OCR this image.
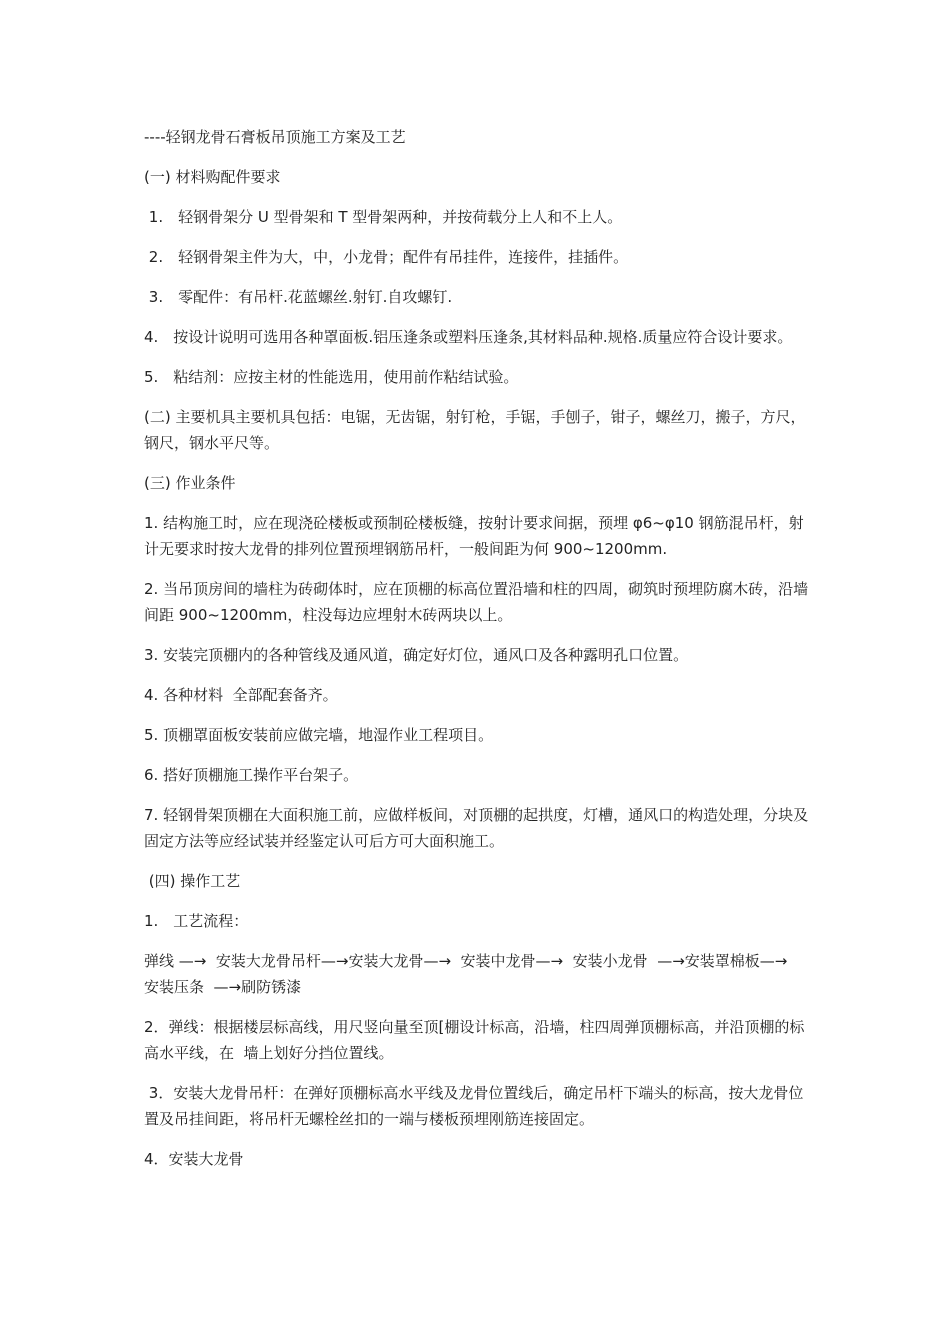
----轻钢龙骨石膏板吊顶施工方案及工艺

(一) 材料购配件要求

1.　轻钢骨架分 U 型骨架和 T 型骨架两种，并按荷载分上人和不上人。

2.　轻钢骨架主件为大，中，小龙骨；配件有吊挂件，连接件，挂插件。

3.　零配件：有吊杆.花蓝螺丝.射钉.自攻螺钉.

4.　按设计说明可选用各种罩面板.铝压逢条或塑料压逢条,其材料品种.规格.质量应符合设计要求。

5.　粘结剂：应按主材的性能选用，使用前作粘结试验。

(二) 主要机具主要机具包括：电锯，无齿锯，射钉枪，手锯，手刨子，钳子，螺丝刀，搬子，方尺，钢尺，钢水平尺等。

(三) 作业条件

1. 结构施工时，应在现浇砼楼板或预制砼楼板缝，按射计要求间据，预埋 φ6~φ10 钢筋混吊杆，射计无要求时按大龙骨的排列位置预埋钢筋吊杆，一般间距为何 900~1200mm.

2. 当吊顶房间的墙柱为砖砌体时，应在顶棚的标高位置沿墙和柱的四周，砌筑时预埋防腐木砖，沿墙间距 900~1200mm，柱没每边应埋射木砖两块以上。

3. 安装完顶棚内的各种管线及通风道，确定好灯位，通风口及各种露明孔口位置。

4. 各种材料  全部配套备齐。

5. 顶棚罩面板安装前应做完墙，地湿作业工程项目。

6. 搭好顶棚施工操作平台架子。

7. 轻钢骨架顶棚在大面积施工前，应做样板间，对顶棚的起拱度，灯槽，通风口的构造处理，分块及固定方法等应经试装并经鉴定认可后方可大面积施工。

(四) 操作工艺

1.　工艺流程：

弹线 —→  安装大龙骨吊杆—→安装大龙骨—→  安装中龙骨—→  安装小龙骨  —→安装罩棉板—→  安装压条  —→刷防锈漆

2．弹线：根据楼层标高线，用尺竖向量至顶[棚设计标高，沿墙，柱四周弹顶棚标高，并沿顶棚的标高水平线，在  墙上划好分挡位置线。

3．安装大龙骨吊杆：在弹好顶棚标高水平线及龙骨位置线后，确定吊杆下端头的标高，按大龙骨位置及吊挂间距，将吊杆无螺栓丝扣的一端与楼板预埋刚筋连接固定。

4．安装大龙骨
